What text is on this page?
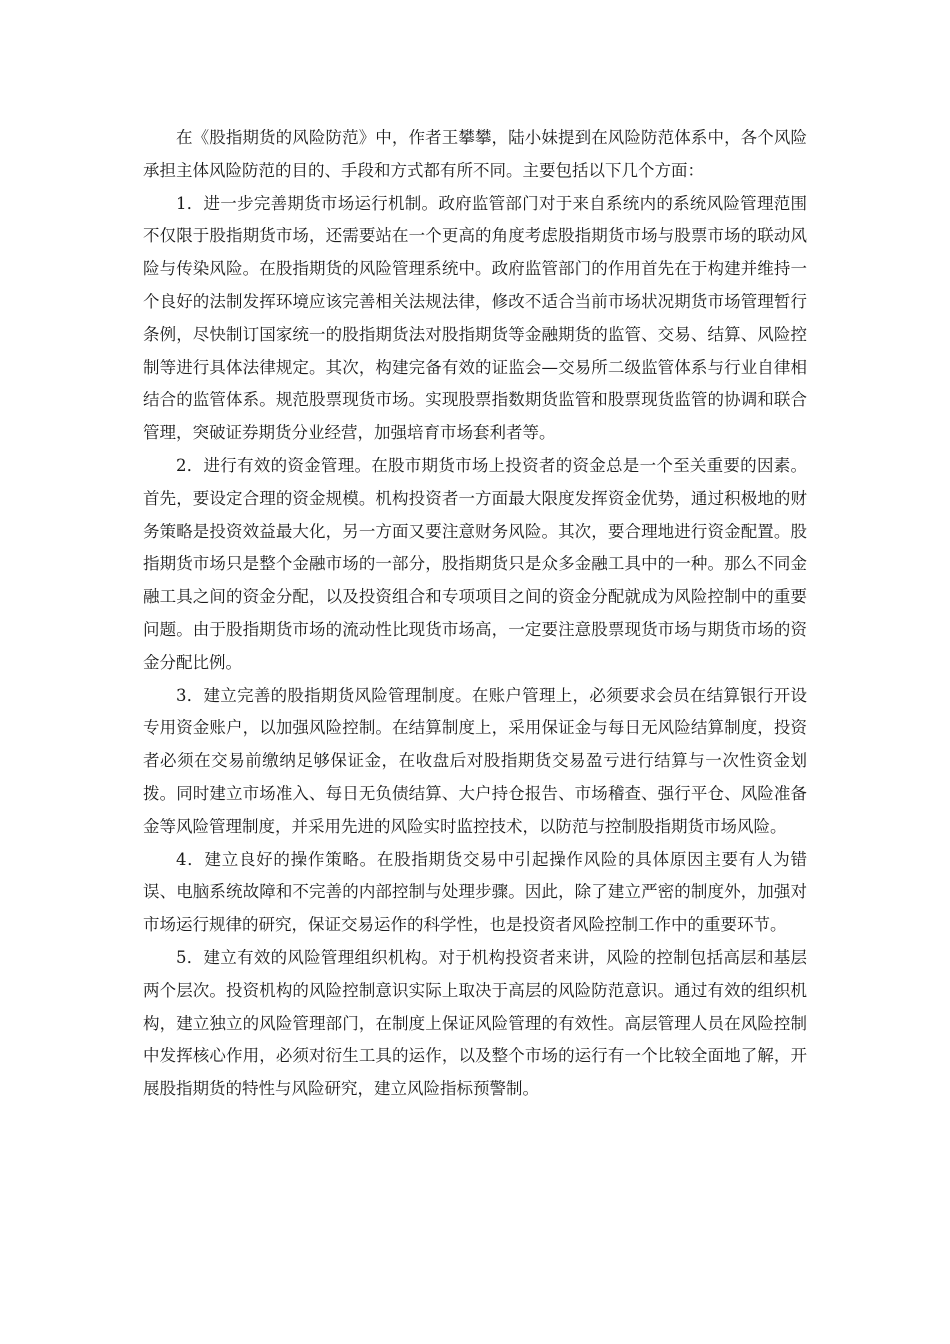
在《股指期货的风险防范》中，作者王攀攀，陆小妹提到在风险防范体系中，各个风险承担主体风险防范的目的、手段和方式都有所不同。主要包括以下几个方面：

1．进一步完善期货市场运行机制。政府监管部门对于来自系统内的系统风险管理范围不仅限于股指期货市场，还需要站在一个更高的角度考虑股指期货市场与股票市场的联动风险与传染风险。在股指期货的风险管理系统中。政府监管部门的作用首先在于构建并维持一个良好的法制发挥环境应该完善相关法规法律，修改不适合当前市场状况期货市场管理暂行条例，尽快制订国家统一的股指期货法对股指期货等金融期货的监管、交易、结算、风险控制等进行具体法律规定。其次，构建完备有效的证监会—交易所二级监管体系与行业自律相结合的监管体系。规范股票现货市场。实现股票指数期货监管和股票现货监管的协调和联合管理，突破证券期货分业经营，加强培育市场套利者等。

2．进行有效的资金管理。在股市期货市场上投资者的资金总是一个至关重要的因素。首先，要设定合理的资金规模。机构投资者一方面最大限度发挥资金优势，通过积极地的财务策略是投资效益最大化，另一方面又要注意财务风险。其次，要合理地进行资金配置。股指期货市场只是整个金融市场的一部分，股指期货只是众多金融工具中的一种。那么不同金融工具之间的资金分配，以及投资组合和专项项目之间的资金分配就成为风险控制中的重要问题。由于股指期货市场的流动性比现货市场高，一定要注意股票现货市场与期货市场的资金分配比例。

3．建立完善的股指期货风险管理制度。在账户管理上，必须要求会员在结算银行开设专用资金账户，以加强风险控制。在结算制度上，采用保证金与每日无风险结算制度，投资者必须在交易前缴纳足够保证金，在收盘后对股指期货交易盈亏进行结算与一次性资金划拨。同时建立市场准入、每日无负债结算、大户持仓报告、市场稽查、强行平仓、风险准备金等风险管理制度，并采用先进的风险实时监控技术，以防范与控制股指期货市场风险。

4．建立良好的操作策略。在股指期货交易中引起操作风险的具体原因主要有人为错误、电脑系统故障和不完善的内部控制与处理步骤。因此，除了建立严密的制度外，加强对市场运行规律的研究，保证交易运作的科学性，也是投资者风险控制工作中的重要环节。

5．建立有效的风险管理组织机构。对于机构投资者来讲，风险的控制包括高层和基层两个层次。投资机构的风险控制意识实际上取决于高层的风险防范意识。通过有效的组织机构，建立独立的风险管理部门，在制度上保证风险管理的有效性。高层管理人员在风险控制中发挥核心作用，必须对衍生工具的运作，以及整个市场的运行有一个比较全面地了解，开展股指期货的特性与风险研究，建立风险指标预警制。
